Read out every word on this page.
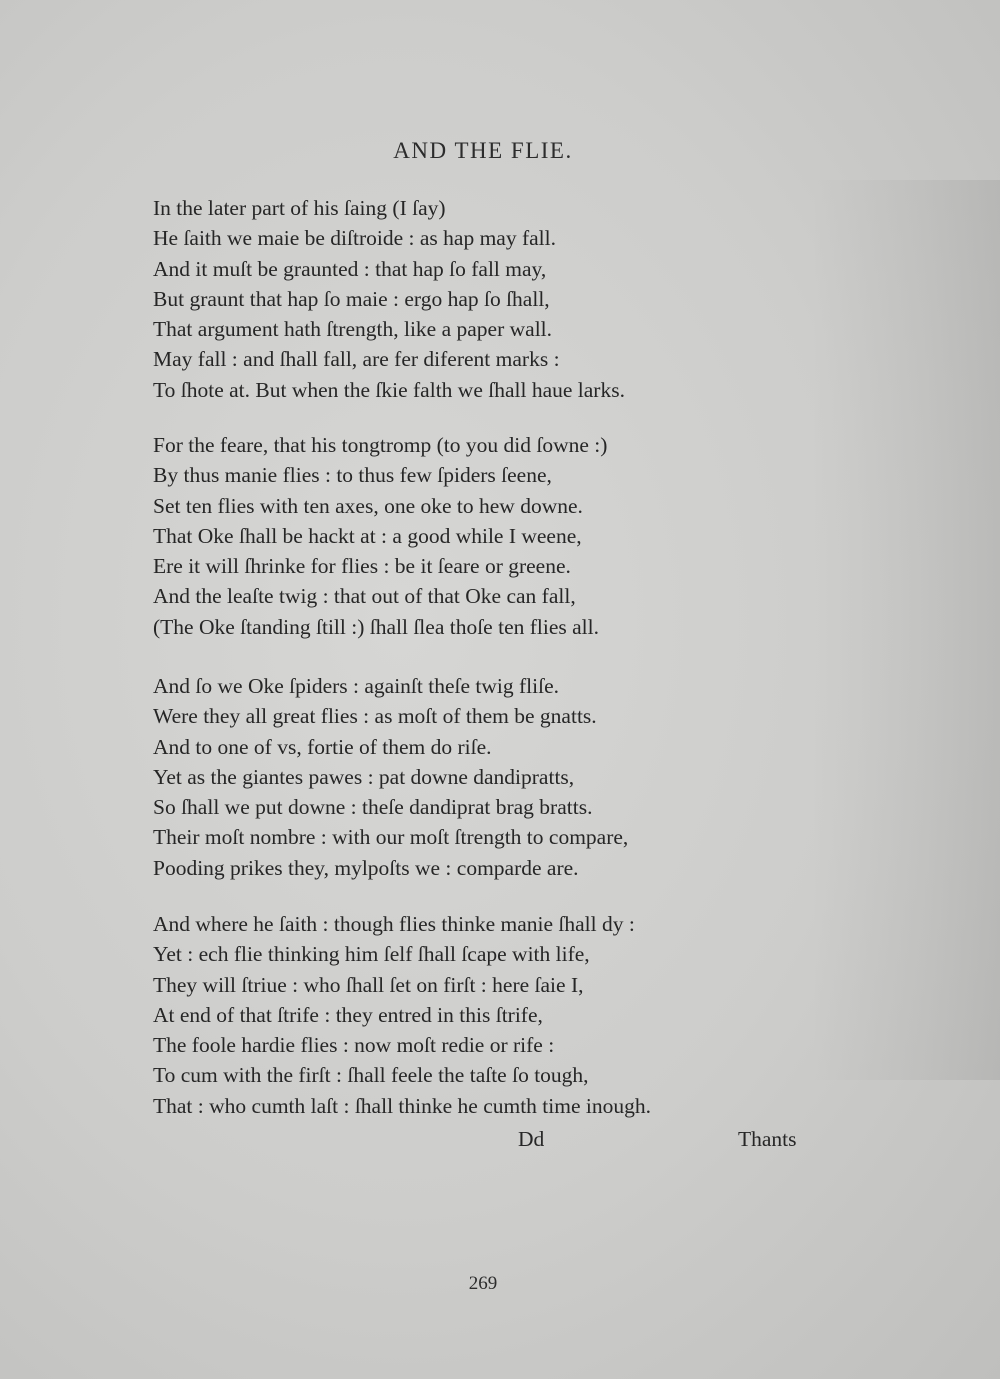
AND THE FLIE.
In the later part of his ſaing (I ſay)
He ſaith we maie be diſtroide : as hap may fall.
And it muſt be graunted : that hap ſo fall may,
But graunt that hap ſo maie : ergo hap ſo ſhall,
That argument hath ſtrength, like a paper wall.
May fall : and ſhall fall, are fer diferent marks :
To ſhote at. But when the ſkie falth we ſhall haue larks.
For the feare, that his tongtromp (to you did ſowne :)
By thus manie flies : to thus few ſpiders ſeene,
Set ten flies with ten axes, one oke to hew downe.
That Oke ſhall be hackt at : a good while I weene,
Ere it will ſhrinke for flies : be it ſeare or greene.
And the leaſte twig : that out of that Oke can fall,
(The Oke ſtanding ſtill :) ſhall ſlea thoſe ten flies all.
And ſo we Oke ſpiders : againſt theſe twig fliſe.
Were they all great flies : as moſt of them be gnatts.
And to one of vs, fortie of them do riſe.
Yet as the giantes pawes : pat downe dandipratts,
So ſhall we put downe : theſe dandiprat brag bratts.
Their moſt nombre : with our moſt ſtrength to compare,
Pooding prikes they, mylpoſts we : comparde are.
And where he ſaith : though flies thinke manie ſhall dy :
Yet : ech flie thinking him ſelf ſhall ſcape with life,
They will ſtriue : who ſhall ſet on firſt : here ſaie I,
At end of that ſtrife : they entred in this ſtrife,
The foole hardie flies : now moſt redie or rife :
To cum with the firſt : ſhall feele the taſte ſo tough,
That : who cumth laſt : ſhall thinke he cumth time inough.
Dd	Thants
269
